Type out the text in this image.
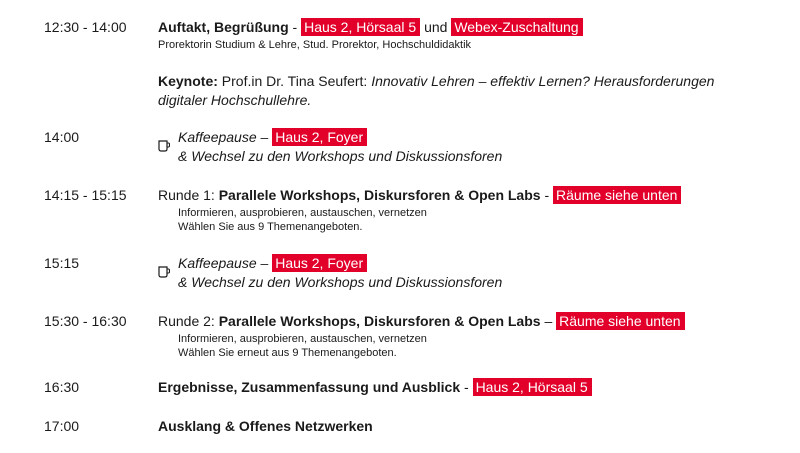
12:30 - 14:00 Auftakt, Begrüßung - Haus 2, Hörsaal 5 und Webex-Zuschaltung
Prorektorin Studium & Lehre, Stud. Prorektor, Hochschuldidaktik
Keynote: Prof.in Dr. Tina Seufert: Innovativ Lehren – effektiv Lernen? Herausforderungen
digitaler Hochschullehre.
14:00	Kaffeepause – Haus 2, Foyer
& Wechsel zu den Workshops und Diskussionsforen
14:15 - 15:15 Runde 1: Parallele Workshops, Diskursforen & Open Labs - Räume siehe unten
Informieren, ausprobieren, austauschen, vernetzen
Wählen Sie aus 9 Themenangeboten.
15:15	Kaffeepause – Haus 2, Foyer
& Wechsel zu den Workshops und Diskussionsforen
15:30 - 16:30 Runde 2: Parallele Workshops, Diskursforen & Open Labs – Räume siehe unten
Informieren, ausprobieren, austauschen, vernetzen
Wählen Sie erneut aus 9 Themenangeboten.
16:30	Ergebnisse, Zusammenfassung und Ausblick - Haus 2, Hörsaal 5
17:00	Ausklang & Offenes Netzwerken
